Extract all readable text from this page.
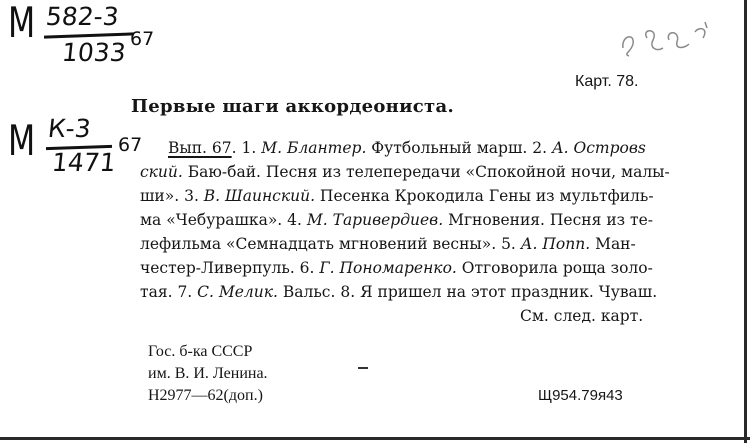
М 582-3
1033 67
Карт. 78.
Первые шаги аккордеониста.
М К-3
1471
67 Вып. 67. 1. М. Блантер. Футбольный марш. 2. А. Островs
ский. Баю-бай. Песня из телепередачи «Спокойной ночи, малы-
ши». 3. В. Шаинский. Песенка Крокодила Гены из мультфиль-
ма «Чебурашка». 4. М. Таривердиев. Мгновения. Песня из те-
лефильма «Семнадцать мгновений весны». 5. А. Попп. Ман-
честер-Ливерпуль. 6. Г. Пономаренко. Отговорила роща золо-
тая. 7. С. Мелик. Вальс. 8. Я пришел на этот праздник. Чуваш.
См. след. карт.
Гос. б-ка СССР
им. В. И. Ленина.
Н2977—62(доп.)	Щ954.79я43
